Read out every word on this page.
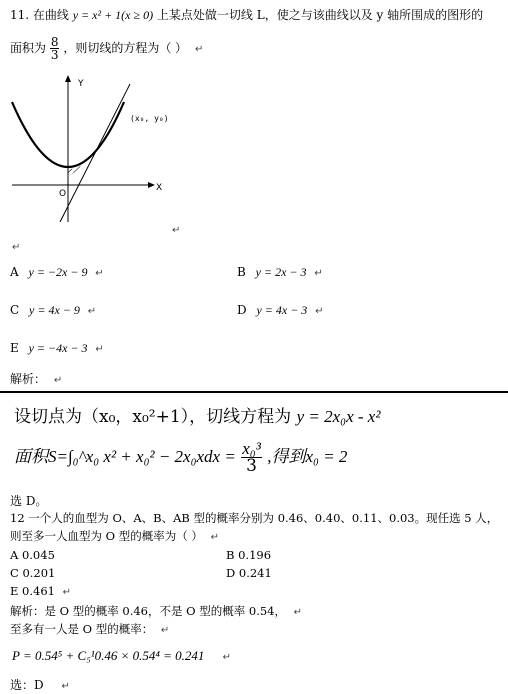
11. 在曲线 y = x² + 1(x ≥ 0) 上某点处做一切线 L，使之与该曲线以及 y 轴所围成的图形的
面积为 $\frac{8}{3}$ ，则切线的方程为（ ） ↵
Y
X
O
(x₀, y₀)
↵
↵
A y = −2x − 9 ↵	B y = 2x − 3 ↵
C y = 4x − 9 ↵	D y = 4x − 3 ↵
E y = −4x − 3 ↵
解析： ↵
设切点为（x₀，x₀²+1），切线方程为 y = 2x₀x - x²
面积S=∫₀^x₀ $x^2 + x_0^2 - 2x_0xdx = \frac{\text{x₀³}}{3}$ ,得到x₀ = 2
选 D。
12 一个人的血型为 O、A、B、AB 型的概率分别为 0.46、0.40、0.11、0.03。现任选 5 人，
则至多一人血型为 O 型的概率为（ ） ↵
A 0.045	B 0.196
C 0.201	D 0.241
E 0.461 ↵
解析：是 O 型的概率 0.46，不是 O 型的概率 0.54， ↵
至多有一人是 O 型的概率： ↵
P = 0.54⁵ + C₅¹0.46 × 0.54⁴ = 0.241 ↵
选：D ↵
